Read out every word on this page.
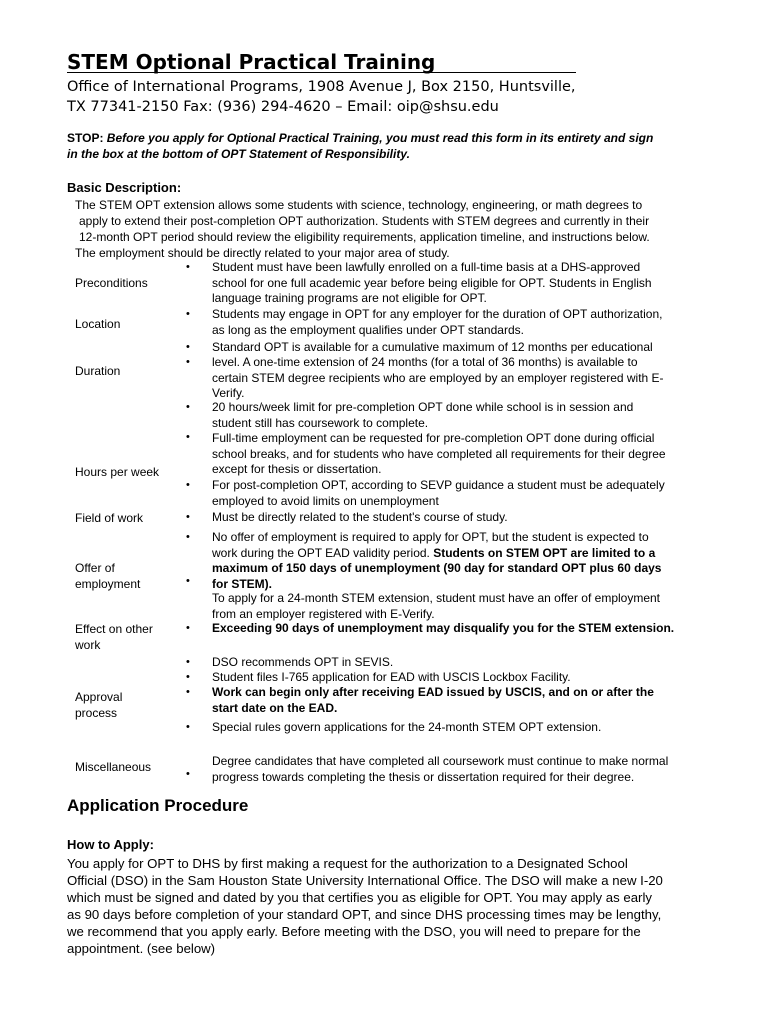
STEM Optional Practical Training
Office of International Programs, 1908 Avenue J, Box 2150, Huntsville,
TX 77341-2150 Fax: (936) 294-4620 – Email: oip@shsu.edu
STOP: Before you apply for Optional Practical Training, you must read this form in its entirety and sign
in the box at the bottom of OPT Statement of Responsibility.
Basic Description:
The STEM OPT extension allows some students with science, technology, engineering, or math degrees to
apply to extend their post-completion OPT authorization. Students with STEM degrees and currently in their
12-month OPT period should review the eligibility requirements, application timeline, and instructions below.
The employment should be directly related to your major area of study.
Preconditions
• Student must have been lawfully enrolled on a full-time basis at a DHS-approved
school for one full academic year before being eligible for OPT. Students in English
language training programs are not eligible for OPT.
Location
• Students may engage in OPT for any employer for the duration of OPT authorization,
as long as the employment qualifies under OPT standards.
Duration
• Standard OPT is available for a cumulative maximum of 12 months per educational
• level. A one-time extension of 24 months (for a total of 36 months) is available to
certain STEM degree recipients who are employed by an employer registered with E-
Verify.
Hours per week
• 20 hours/week limit for pre-completion OPT done while school is in session and
student still has coursework to complete.
• Full-time employment can be requested for pre-completion OPT done during official
school breaks, and for students who have completed all requirements for their degree
except for thesis or dissertation.
• For post-completion OPT, according to SEVP guidance a student must be adequately
employed to avoid limits on unemployment
Field of work	• Must be directly related to the student's course of study.
Offer of
employment
• No offer of employment is required to apply for OPT, but the student is expected to
work during the OPT EAD validity period. Students on STEM OPT are limited to a
maximum of 150 days of unemployment (90 day for standard OPT plus 60 days
for STEM).
•
To apply for a 24-month STEM extension, student must have an offer of employment
from an employer registered with E-Verify.
Effect on other
work
• Exceeding 90 days of unemployment may disqualify you for the STEM extension.
Approval
process
• DSO recommends OPT in SEVIS.
• Student files I-765 application for EAD with USCIS Lockbox Facility.
• Work can begin only after receiving EAD issued by USCIS, and on or after the
start date on the EAD.
• Special rules govern applications for the 24-month STEM OPT extension.
Miscellaneous	•
Degree candidates that have completed all coursework must continue to make normal
progress towards completing the thesis or dissertation required for their degree.
Application Procedure
How to Apply:
You apply for OPT to DHS by first making a request for the authorization to a Designated School
Official (DSO) in the Sam Houston State University International Office. The DSO will make a new I-20
which must be signed and dated by you that certifies you as eligible for OPT. You may apply as early
as 90 days before completion of your standard OPT, and since DHS processing times may be lengthy,
we recommend that you apply early. Before meeting with the DSO, you will need to prepare for the
appointment. (see below)
